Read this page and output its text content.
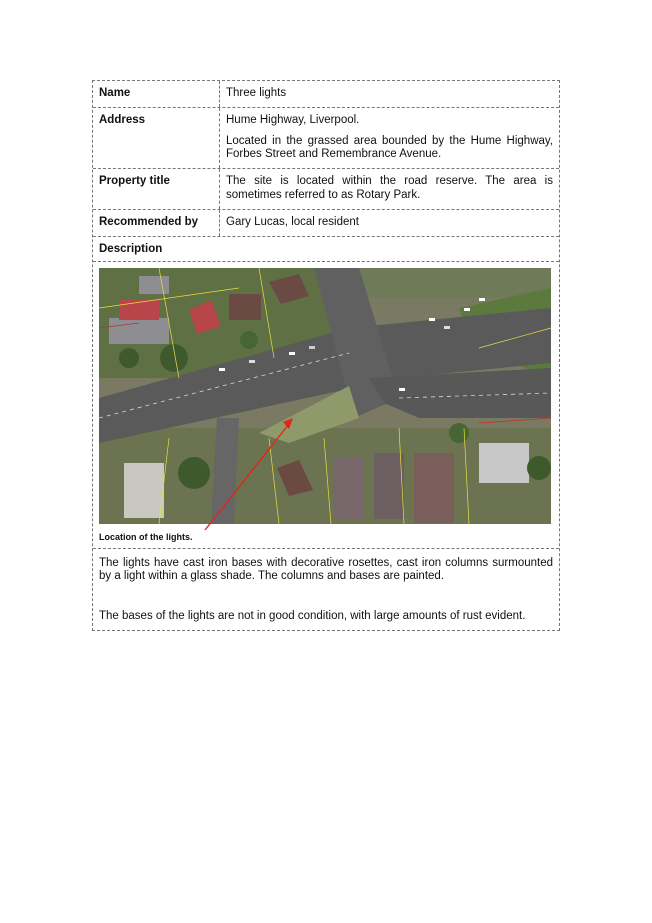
Name	Three lights
Address	Hume Highway, Liverpool.

Located in the grassed area bounded by the Hume Highway, Forbes Street and Remembrance Avenue.

Property title	The site is located within the road reserve. The area is sometimes referred to as Rotary Park.
Recommended by	Gary Lucas, local resident
Description
Location of the lights.

The lights have cast iron bases with decorative rosettes, cast iron columns surmounted by a light within a glass shade. The columns and bases are painted.

The bases of the lights are not in good condition, with large amounts of rust evident.
